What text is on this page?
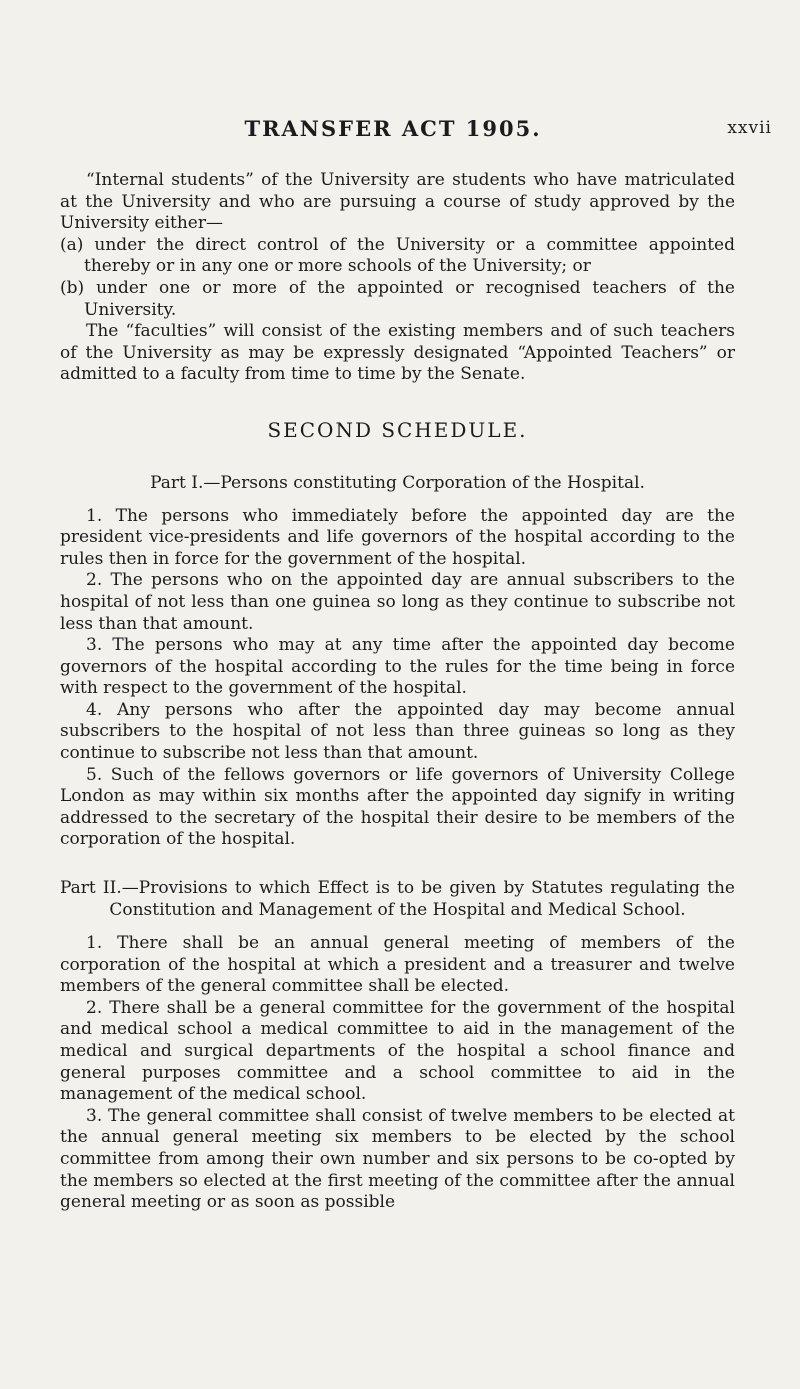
TRANSFER ACT 1905.	xxvii

“Internal students” of the University are students who have matriculated at the University and who are pursuing a course of study approved by the University either—

(a) under the direct control of the University or a committee appointed thereby or in any one or more schools of the University; or

(b) under one or more of the appointed or recognised teachers of the University.

The “faculties” will consist of the existing members and of such teachers of the University as may be expressly designated “Appointed Teachers” or admitted to a faculty from time to time by the Senate.

SECOND SCHEDULE.

Part I.—Persons constituting Corporation of the Hospital.

1. The persons who immediately before the appointed day are the president vice-presidents and life governors of the hospital according to the rules then in force for the government of the hospital.

2. The persons who on the appointed day are annual subscribers to the hospital of not less than one guinea so long as they continue to subscribe not less than that amount.

3. The persons who may at any time after the appointed day become governors of the hospital according to the rules for the time being in force with respect to the government of the hospital.

4. Any persons who after the appointed day may become annual subscribers to the hospital of not less than three guineas so long as they continue to subscribe not less than that amount.

5. Such of the fellows governors or life governors of University College London as may within six months after the appointed day signify in writing addressed to the secretary of the hospital their desire to be members of the corporation of the hospital.

Part II.—Provisions to which Effect is to be given by Statutes regulating the Constitution and Management of the Hospital and Medical School.

1. There shall be an annual general meeting of members of the corporation of the hospital at which a president and a treasurer and twelve members of the general committee shall be elected.

2. There shall be a general committee for the government of the hospital and medical school a medical committee to aid in the management of the medical and surgical departments of the hospital a school finance and general purposes committee and a school committee to aid in the management of the medical school.

3. The general committee shall consist of twelve members to be elected at the annual general meeting six members to be elected by the school committee from among their own number and six persons to be co-opted by the members so elected at the first meeting of the committee after the annual general meeting or as soon as possible
